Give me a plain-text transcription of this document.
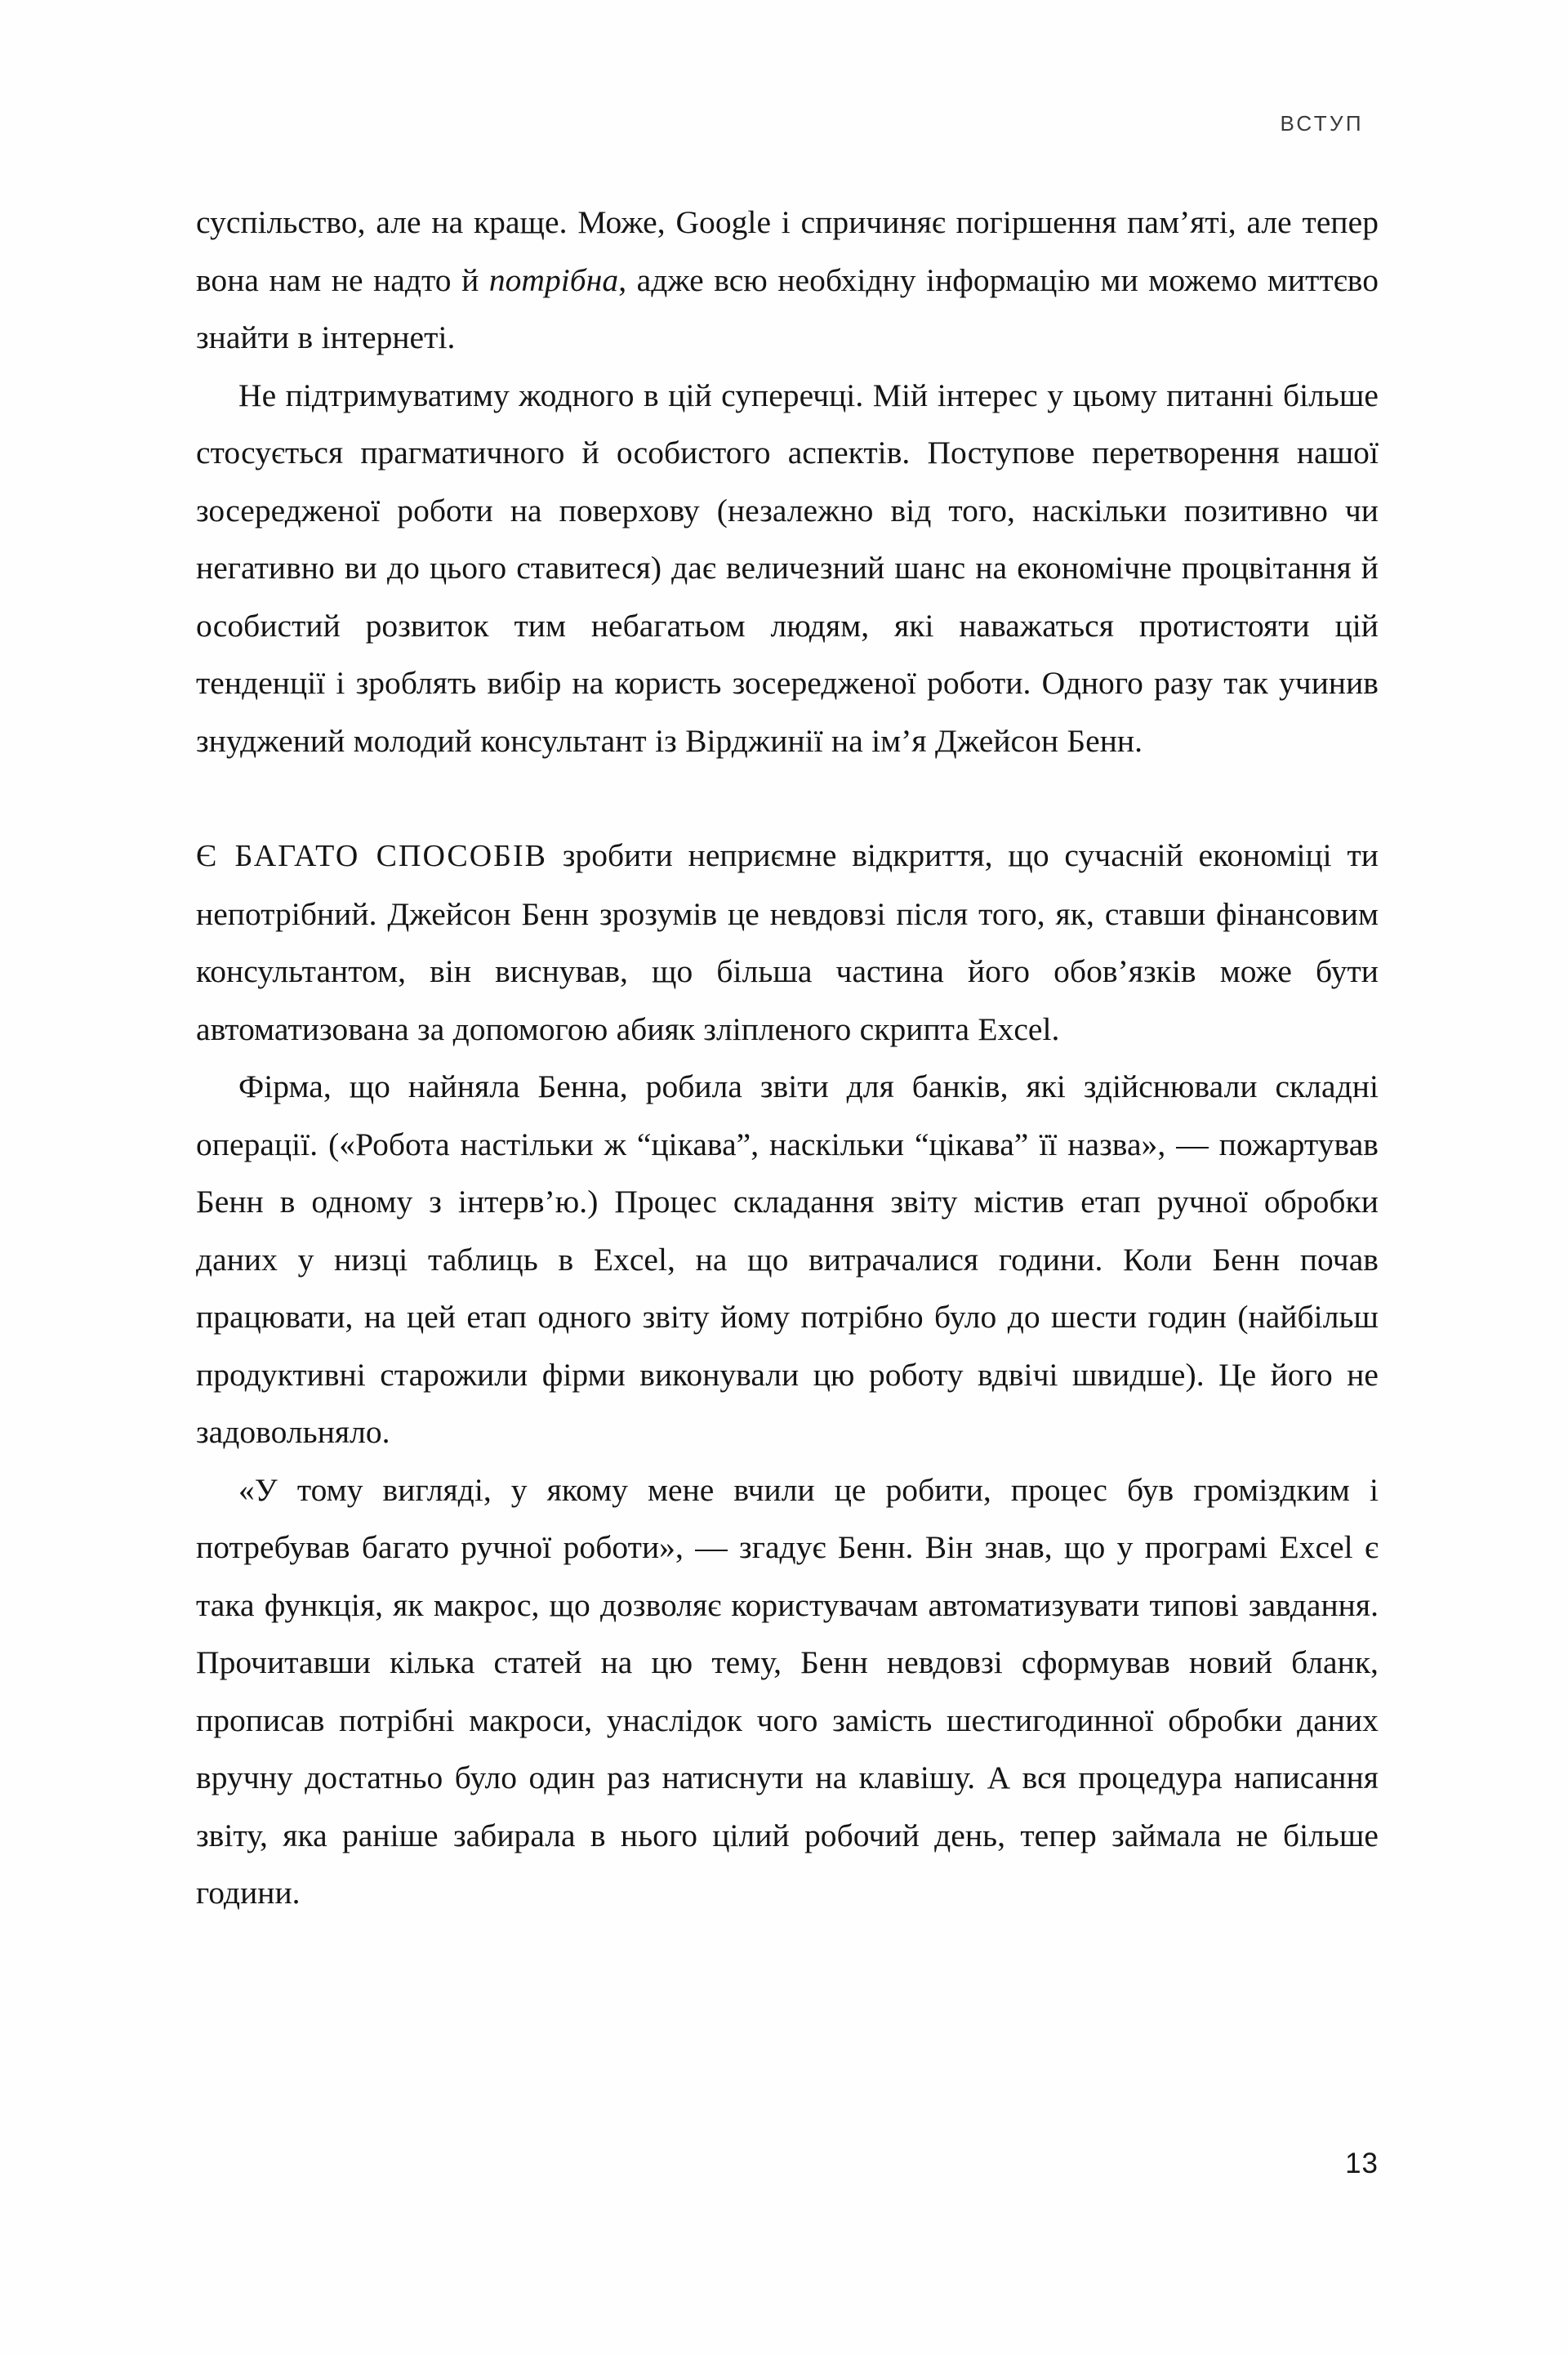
ВСТУП

суспільство, але на краще. Може, Google і спричиняє погіршення пам’яті, але тепер вона нам не надто й потрібна, адже всю необхідну інформацію ми можемо миттєво знайти в інтернеті.

Не підтримуватиму жодного в цій суперечці. Мій інтерес у цьому питанні більше стосується прагматичного й особистого аспектів. Поступове перетворення нашої зосередженої роботи на поверхову (незалежно від того, наскільки позитивно чи негативно ви до цього ставитеся) дає величезний шанс на економічне процвітання й особистий розвиток тим небагатьом людям, які наважаться протистояти цій тенденції і зроблять вибір на користь зосередженої роботи. Одного разу так учинив знуджений молодий консультант із Вірджинії на ім’я Джейсон Бенн.

Є БАГАТО СПОСОБІВ зробити неприємне відкриття, що сучасній економіці ти непотрібний. Джейсон Бенн зрозумів це невдовзі після того, як, ставши фінансовим консультантом, він виснував, що більша частина його обов’язків може бути автоматизована за допомогою абияк зліпленого скрипта Excel.

Фірма, що найняла Бенна, робила звіти для банків, які здійснювали складні операції. («Робота настільки ж “цікава”, наскільки “цікава” її назва», — пожартував Бенн в одному з інтерв’ю.) Процес складання звіту містив етап ручної обробки даних у низці таблиць в Excel, на що витрачалися години. Коли Бенн почав працювати, на цей етап одного звіту йому потрібно було до шести годин (найбільш продуктивні старожили фірми виконували цю роботу вдвічі швидше). Це його не задовольняло.

«У тому вигляді, у якому мене вчили це робити, процес був громіздким і потребував багато ручної роботи», — згадує Бенн. Він знав, що у програмі Excel є така функція, як макрос, що дозволяє користувачам автоматизувати типові завдання. Прочитавши кілька статей на цю тему, Бенн невдовзі сформував новий бланк, прописав потрібні макроси, унаслідок чого замість шестигодинної обробки даних вручну достатньо було один раз натиснути на клавішу. А вся процедура написання звіту, яка раніше забирала в нього цілий робочий день, тепер займала не більше години.

13
